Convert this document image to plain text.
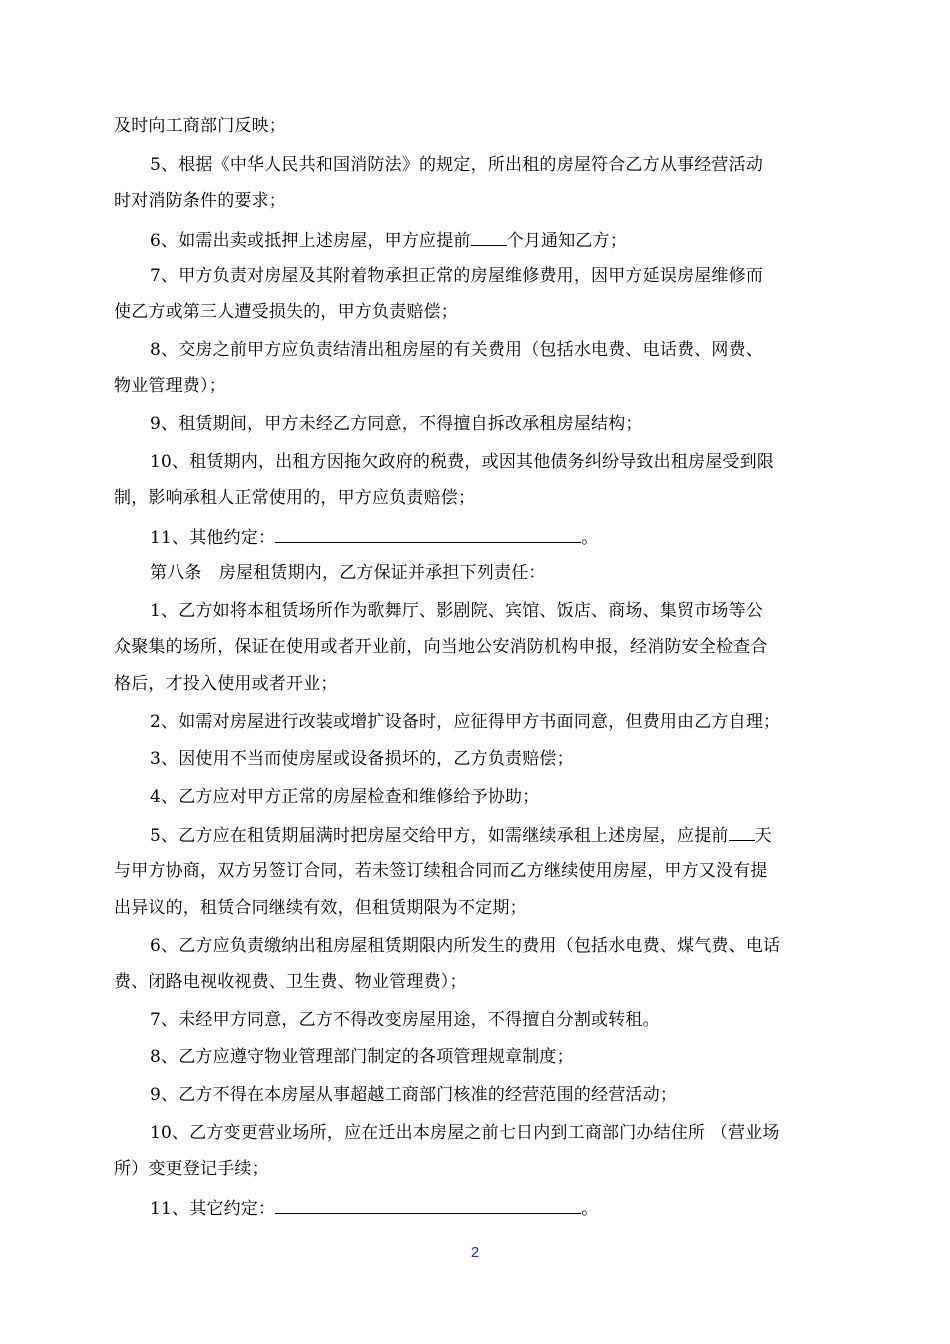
及时向工商部门反映；
5、根据《中华人民共和国消防法》的规定，所出租的房屋符合乙方从事经营活动
时对消防条件的要求；
6、如需出卖或抵押上述房屋，甲方应提前 个月通知乙方；
7、甲方负责对房屋及其附着物承担正常的房屋维修费用，因甲方延误房屋维修而
使乙方或第三人遭受损失的，甲方负责赔偿；
8、交房之前甲方应负责结清出租房屋的有关费用（包括水电费、电话费、网费、
物业管理费）；
9、租赁期间，甲方未经乙方同意，不得擅自拆改承租房屋结构；
10、租赁期内，出租方因拖欠政府的税费，或因其他债务纠纷导致出租房屋受到限
制，影响承租人正常使用的，甲方应负责赔偿；
11、其他约定：	。
第八条　房屋租赁期内，乙方保证并承担下列责任：
1、乙方如将本租赁场所作为歌舞厅、影剧院、宾馆、饭店、商场、集贸市场等公
众聚集的场所，保证在使用或者开业前，向当地公安消防机构申报，经消防安全检查合
格后，才投入使用或者开业；
2、如需对房屋进行改装或增扩设备时，应征得甲方书面同意，但费用由乙方自理；
3、因使用不当而使房屋或设备损坏的，乙方负责赔偿；
4、乙方应对甲方正常的房屋检查和维修给予协助；
5、乙方应在租赁期届满时把房屋交给甲方，如需继续承租上述房屋，应提前 天
与甲方协商，双方另签订合同，若未签订续租合同而乙方继续使用房屋，甲方又没有提
出异议的，租赁合同继续有效，但租赁期限为不定期；
6、乙方应负责缴纳出租房屋租赁期限内所发生的费用（包括水电费、煤气费、电话
费、闭路电视收视费、卫生费、物业管理费）；
7、未经甲方同意，乙方不得改变房屋用途，不得擅自分割或转租。
8、乙方应遵守物业管理部门制定的各项管理规章制度；
9、乙方不得在本房屋从事超越工商部门核准的经营范围的经营活动；
10、乙方变更营业场所，应在迁出本房屋之前七日内到工商部门办结住所 （营业场
所）变更登记手续；
11、其它约定：	。
2
